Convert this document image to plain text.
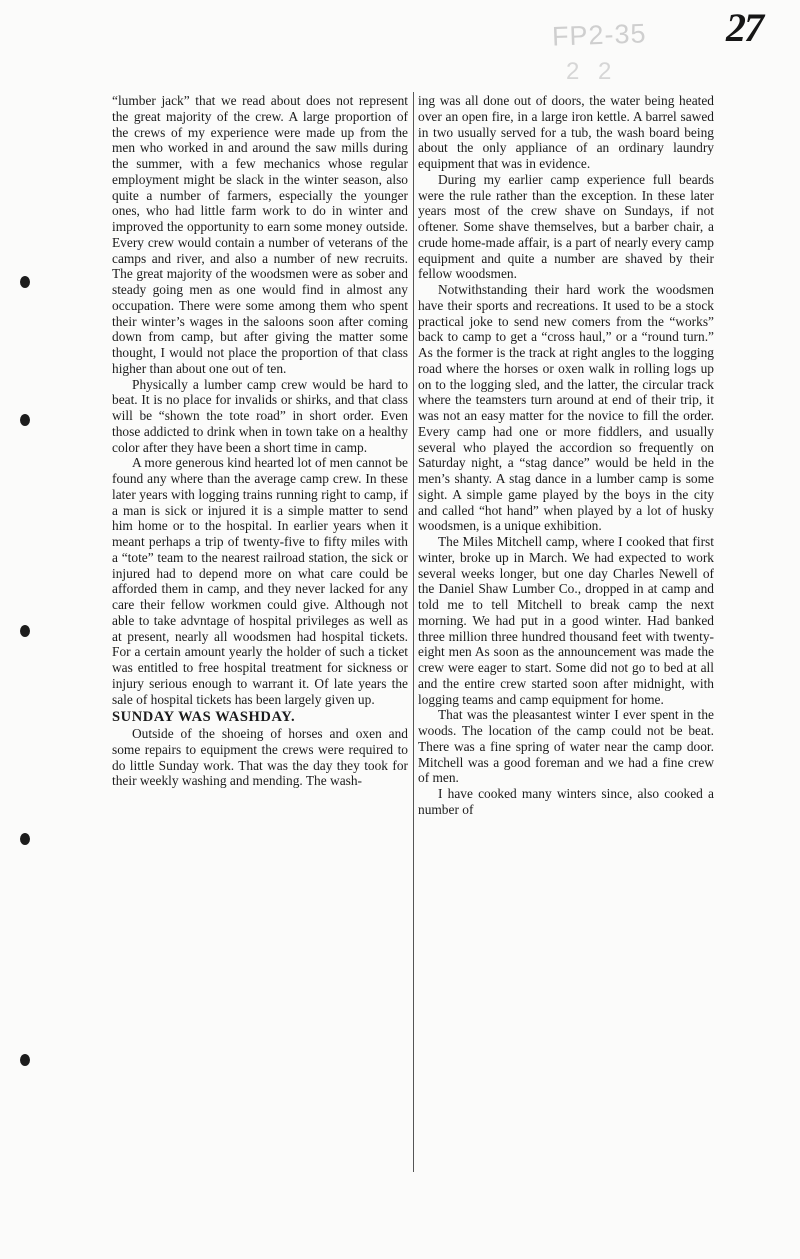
27
FP2-35
2 2

“lumber jack” that we read about does not represent the great majority of the crew. A large proportion of the crews of my experience were made up from the men who worked in and around the saw mills during the summer, with a few mechanics whose regular employment might be slack in the winter season, also quite a number of farmers, especially the younger ones, who had little farm work to do in winter and improved the opportunity to earn some money outside. Every crew would contain a number of veterans of the camps and river, and also a number of new recruits. The great majority of the woodsmen were as sober and steady going men as one would find in almost any occupation. There were some among them who spent their winter’s wages in the saloons soon after coming down from camp, but after giving the matter some thought, I would not place the proportion of that class higher than about one out of ten.

Physically a lumber camp crew would be hard to beat. It is no place for invalids or shirks, and that class will be “shown the tote road” in short order. Even those addicted to drink when in town take on a healthy color after they have been a short time in camp.

A more generous kind hearted lot of men cannot be found any where than the average camp crew. In these later years with logging trains running right to camp, if a man is sick or injured it is a simple matter to send him home or to the hospital. In earlier years when it meant perhaps a trip of twenty-five to fifty miles with a “tote” team to the nearest railroad station, the sick or injured had to depend more on what care could be afforded them in camp, and they never lacked for any care their fellow workmen could give. Although not able to take advntage of hospital privileges as well as at present, nearly all woodsmen had hospital tickets. For a certain amount yearly the holder of such a ticket was entitled to free hospital treatment for sickness or injury serious enough to warrant it. Of late years the sale of hospital tickets has been largely given up.

SUNDAY WAS WASHDAY.

Outside of the shoeing of horses and oxen and some repairs to equipment the crews were required to do little Sunday work. That was the day they took for their weekly washing and mending. The wash-

ing was all done out of doors, the water being heated over an open fire, in a large iron kettle. A barrel sawed in two usually served for a tub, the wash board being about the only appliance of an ordinary laundry equipment that was in evidence.

During my earlier camp experience full beards were the rule rather than the exception. In these later years most of the crew shave on Sundays, if not oftener. Some shave themselves, but a barber chair, a crude home-made affair, is a part of nearly every camp equipment and quite a number are shaved by their fellow woodsmen.

Notwithstanding their hard work the woodsmen have their sports and recreations. It used to be a stock practical joke to send new comers from the “works” back to camp to get a “cross haul,” or a “round turn.” As the former is the track at right angles to the logging road where the horses or oxen walk in rolling logs up on to the logging sled, and the latter, the circular track where the teamsters turn around at end of their trip, it was not an easy matter for the novice to fill the order. Every camp had one or more fiddlers, and usually several who played the accordion so frequently on Saturday night, a “stag dance” would be held in the men’s shanty. A stag dance in a lumber camp is some sight. A simple game played by the boys in the city and called “hot hand” when played by a lot of husky woodsmen, is a unique exhibition.

The Miles Mitchell camp, where I cooked that first winter, broke up in March. We had expected to work several weeks longer, but one day Charles Newell of the Daniel Shaw Lumber Co., dropped in at camp and told me to tell Mitchell to break camp the next morning. We had put in a good winter. Had banked three million three hundred thousand feet with twenty-eight men As soon as the announcement was made the crew were eager to start. Some did not go to bed at all and the entire crew started soon after midnight, with logging teams and camp equipment for home.

That was the pleasantest winter I ever spent in the woods. The location of the camp could not be beat. There was a fine spring of water near the camp door. Mitchell was a good foreman and we had a fine crew of men.

I have cooked many winters since, also cooked a number of
